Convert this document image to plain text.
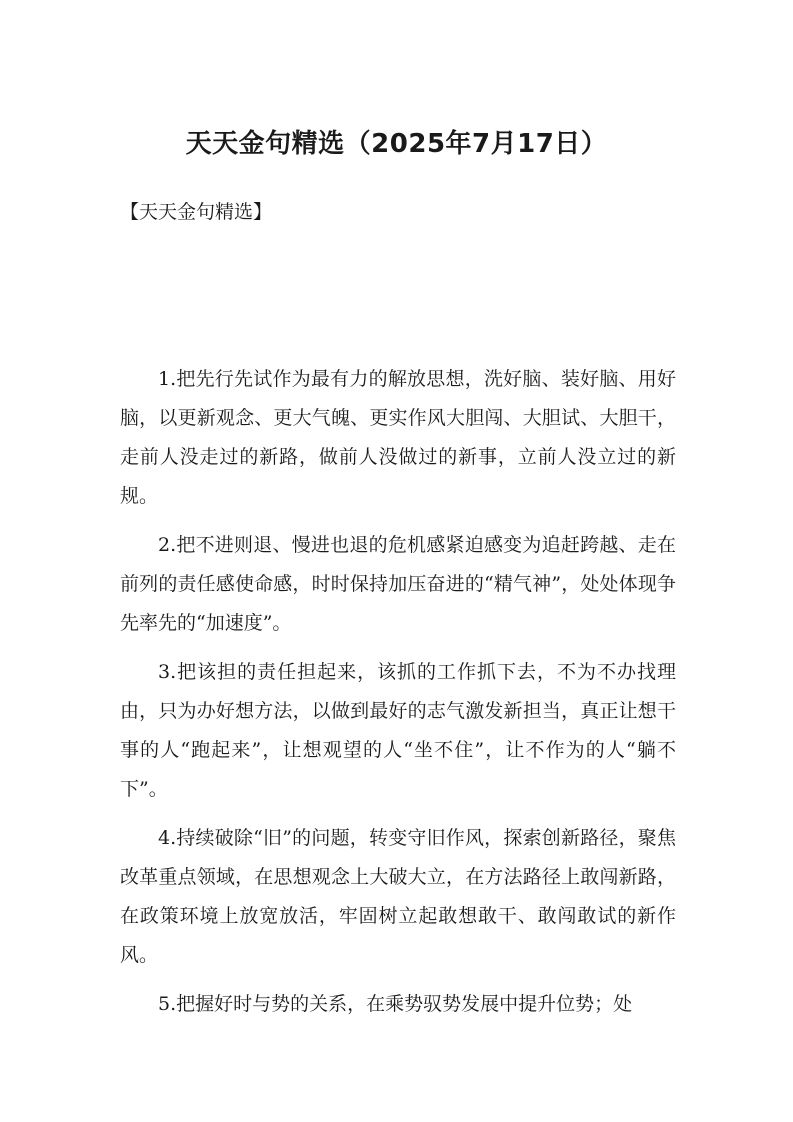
天天金句精选（2025年7月17日）

【天天金句精选】

1.把先行先试作为最有力的解放思想，洗好脑、装好脑、用好脑，以更新观念、更大气魄、更实作风大胆闯、大胆试、大胆干，走前人没走过的新路，做前人没做过的新事，立前人没立过的新规。

2.把不进则退、慢进也退的危机感紧迫感变为追赶跨越、走在前列的责任感使命感，时时保持加压奋进的“精气神”，处处体现争先率先的“加速度”。

3.把该担的责任担起来，该抓的工作抓下去，不为不办找理由，只为办好想方法，以做到最好的志气激发新担当，真正让想干事的人“跑起来”，让想观望的人“坐不住”，让不作为的人“躺不下”。

4.持续破除“旧”的问题，转变守旧作风，探索创新路径，聚焦改革重点领域，在思想观念上大破大立，在方法路径上敢闯新路，在政策环境上放宽放活，牢固树立起敢想敢干、敢闯敢试的新作风。

5.把握好时与势的关系，在乘势驭势发展中提升位势；处
